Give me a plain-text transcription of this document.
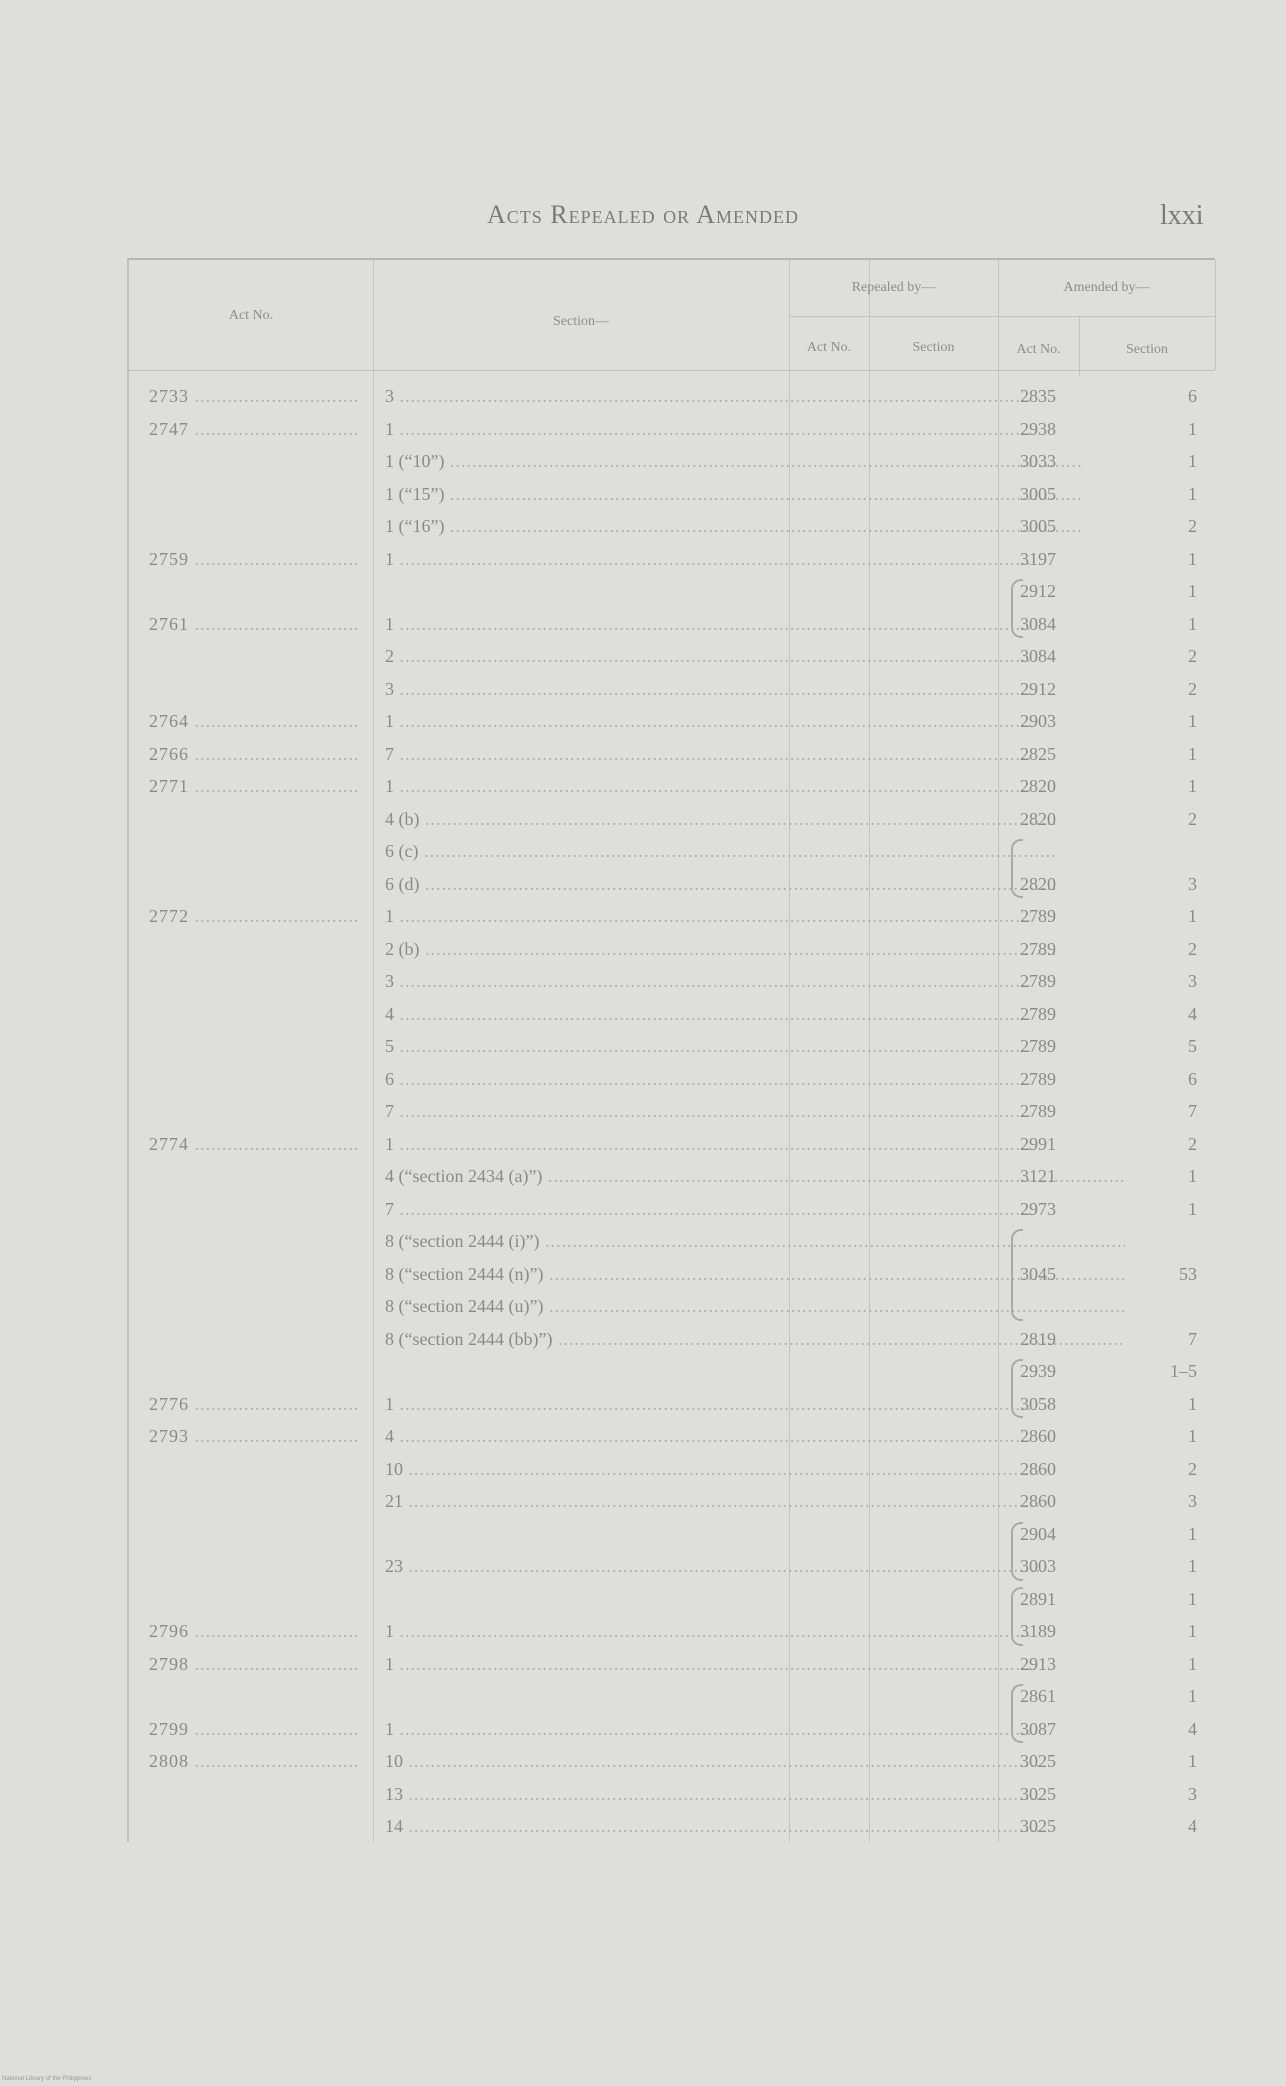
Acts Repealed or Amended	lxxi
Act No.	Section—
Repealed by—	Amended by—
Act No.	Section	Act No.	Section
2733 .....	3 .....	2835	6
2747 .....	1 .....	2938	1
1 (“10”) .....	3033	1
1 (“15”) .....	3005	1
1 (“16”) .....	3005	2
2759 .....	1 .....	3197	1
2912	1
2761 .....	1 .....	3084	1
2 .....	3084	2
3 .....	2912	2
2764 .....	1 .....	2903	1
2766 .....	7 .....	2825	1
2771 .....	1 .....	2820	1
4 (b) .....	2820	2
6 (c) .....
6 (d) .....	2820	3
2772 .....	1 .....	2789	1
2 (b) .....	2789	2
3 .....	2789	3
4 .....	2789	4
5 .....	2789	5
6 .....	2789	6
7 .....	2789	7
2774 .....	1 .....	2991	2
4 (“section 2434 (a)”) .....	3121	1
7 .....	2973	1
8 (“section 2444 (i)”) .....
8 (“section 2444 (n)”) .....	3045	53
8 (“section 2444 (u)”) .....
8 (“section 2444 (bb)”) .....	2819	7
2939	1–5
2776 .....	1 .....	3058	1
2793 .....	4 .....	2860	1
10 .....	2860	2
21 .....	2860	3
2904	1
23 .....	3003	1
2891	1
2796 .....	1 .....	3189	1
2798 .....	1 .....	2913	1
2861	1
2799 .....	1 .....	3087	4
2808 .....	10 .....	3025	1
13 .....	3025	3
14 .....	3025	4
National Library of the Philippines
